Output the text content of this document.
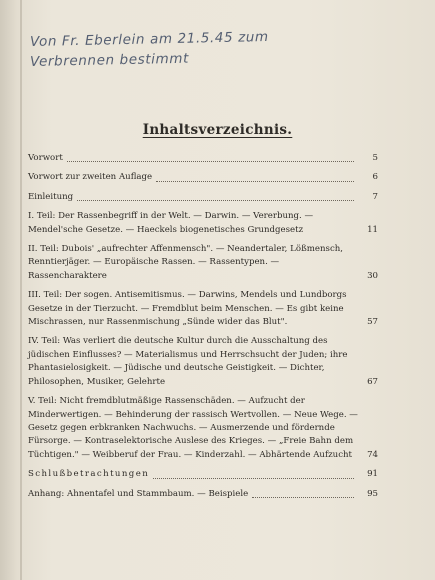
Von Fr. Eberlein am 21.5.45 zum
Verbrennen bestimmt
Inhaltsverzeichnis.
Vorwort	5
Vorwort zur zweiten Auflage	6
Einleitung	7
I. Teil: Der Rassenbegriff in der Welt. — Darwin. — Vererbung. — Mendel'sche Gesetze. — Haeckels biogenetisches Grundgesetz	11
II. Teil: Dubois' „aufrechter Affenmensch". — Neandertaler, Lößmensch, Renntierjäger. — Europäische Rassen. — Rassentypen. — Rassencharaktere	30
III. Teil: Der sogen. Antisemitismus. — Darwins, Mendels und Lundborgs Gesetze in der Tierzucht. — Fremdblut beim Menschen. — Es gibt keine Mischrassen, nur Rassenmischung „Sünde wider das Blut".	57
IV. Teil: Was verliert die deutsche Kultur durch die Ausschaltung des jüdischen Einflusses? — Materialismus und Herrschsucht der Juden; ihre Phantasielosigkeit. — Jüdische und deutsche Geistigkeit. — Dichter, Philosophen, Musiker, Gelehrte	67
V. Teil: Nicht fremdblutmäßige Rassenschäden. — Aufzucht der Minderwertigen. — Behinderung der rassisch Wertvollen. — Neue Wege. — Gesetz gegen erbkranken Nachwuchs. — Ausmerzende und fördernde Fürsorge. — Kontraselektorische Auslese des Krieges. — „Freie Bahn dem Tüchtigen." — Weibberuf der Frau. — Kinderzahl. — Abhärtende Aufzucht	74
Schlußbetrachtungen	91
Anhang: Ahnentafel und Stammbaum. — Beispiele	95
